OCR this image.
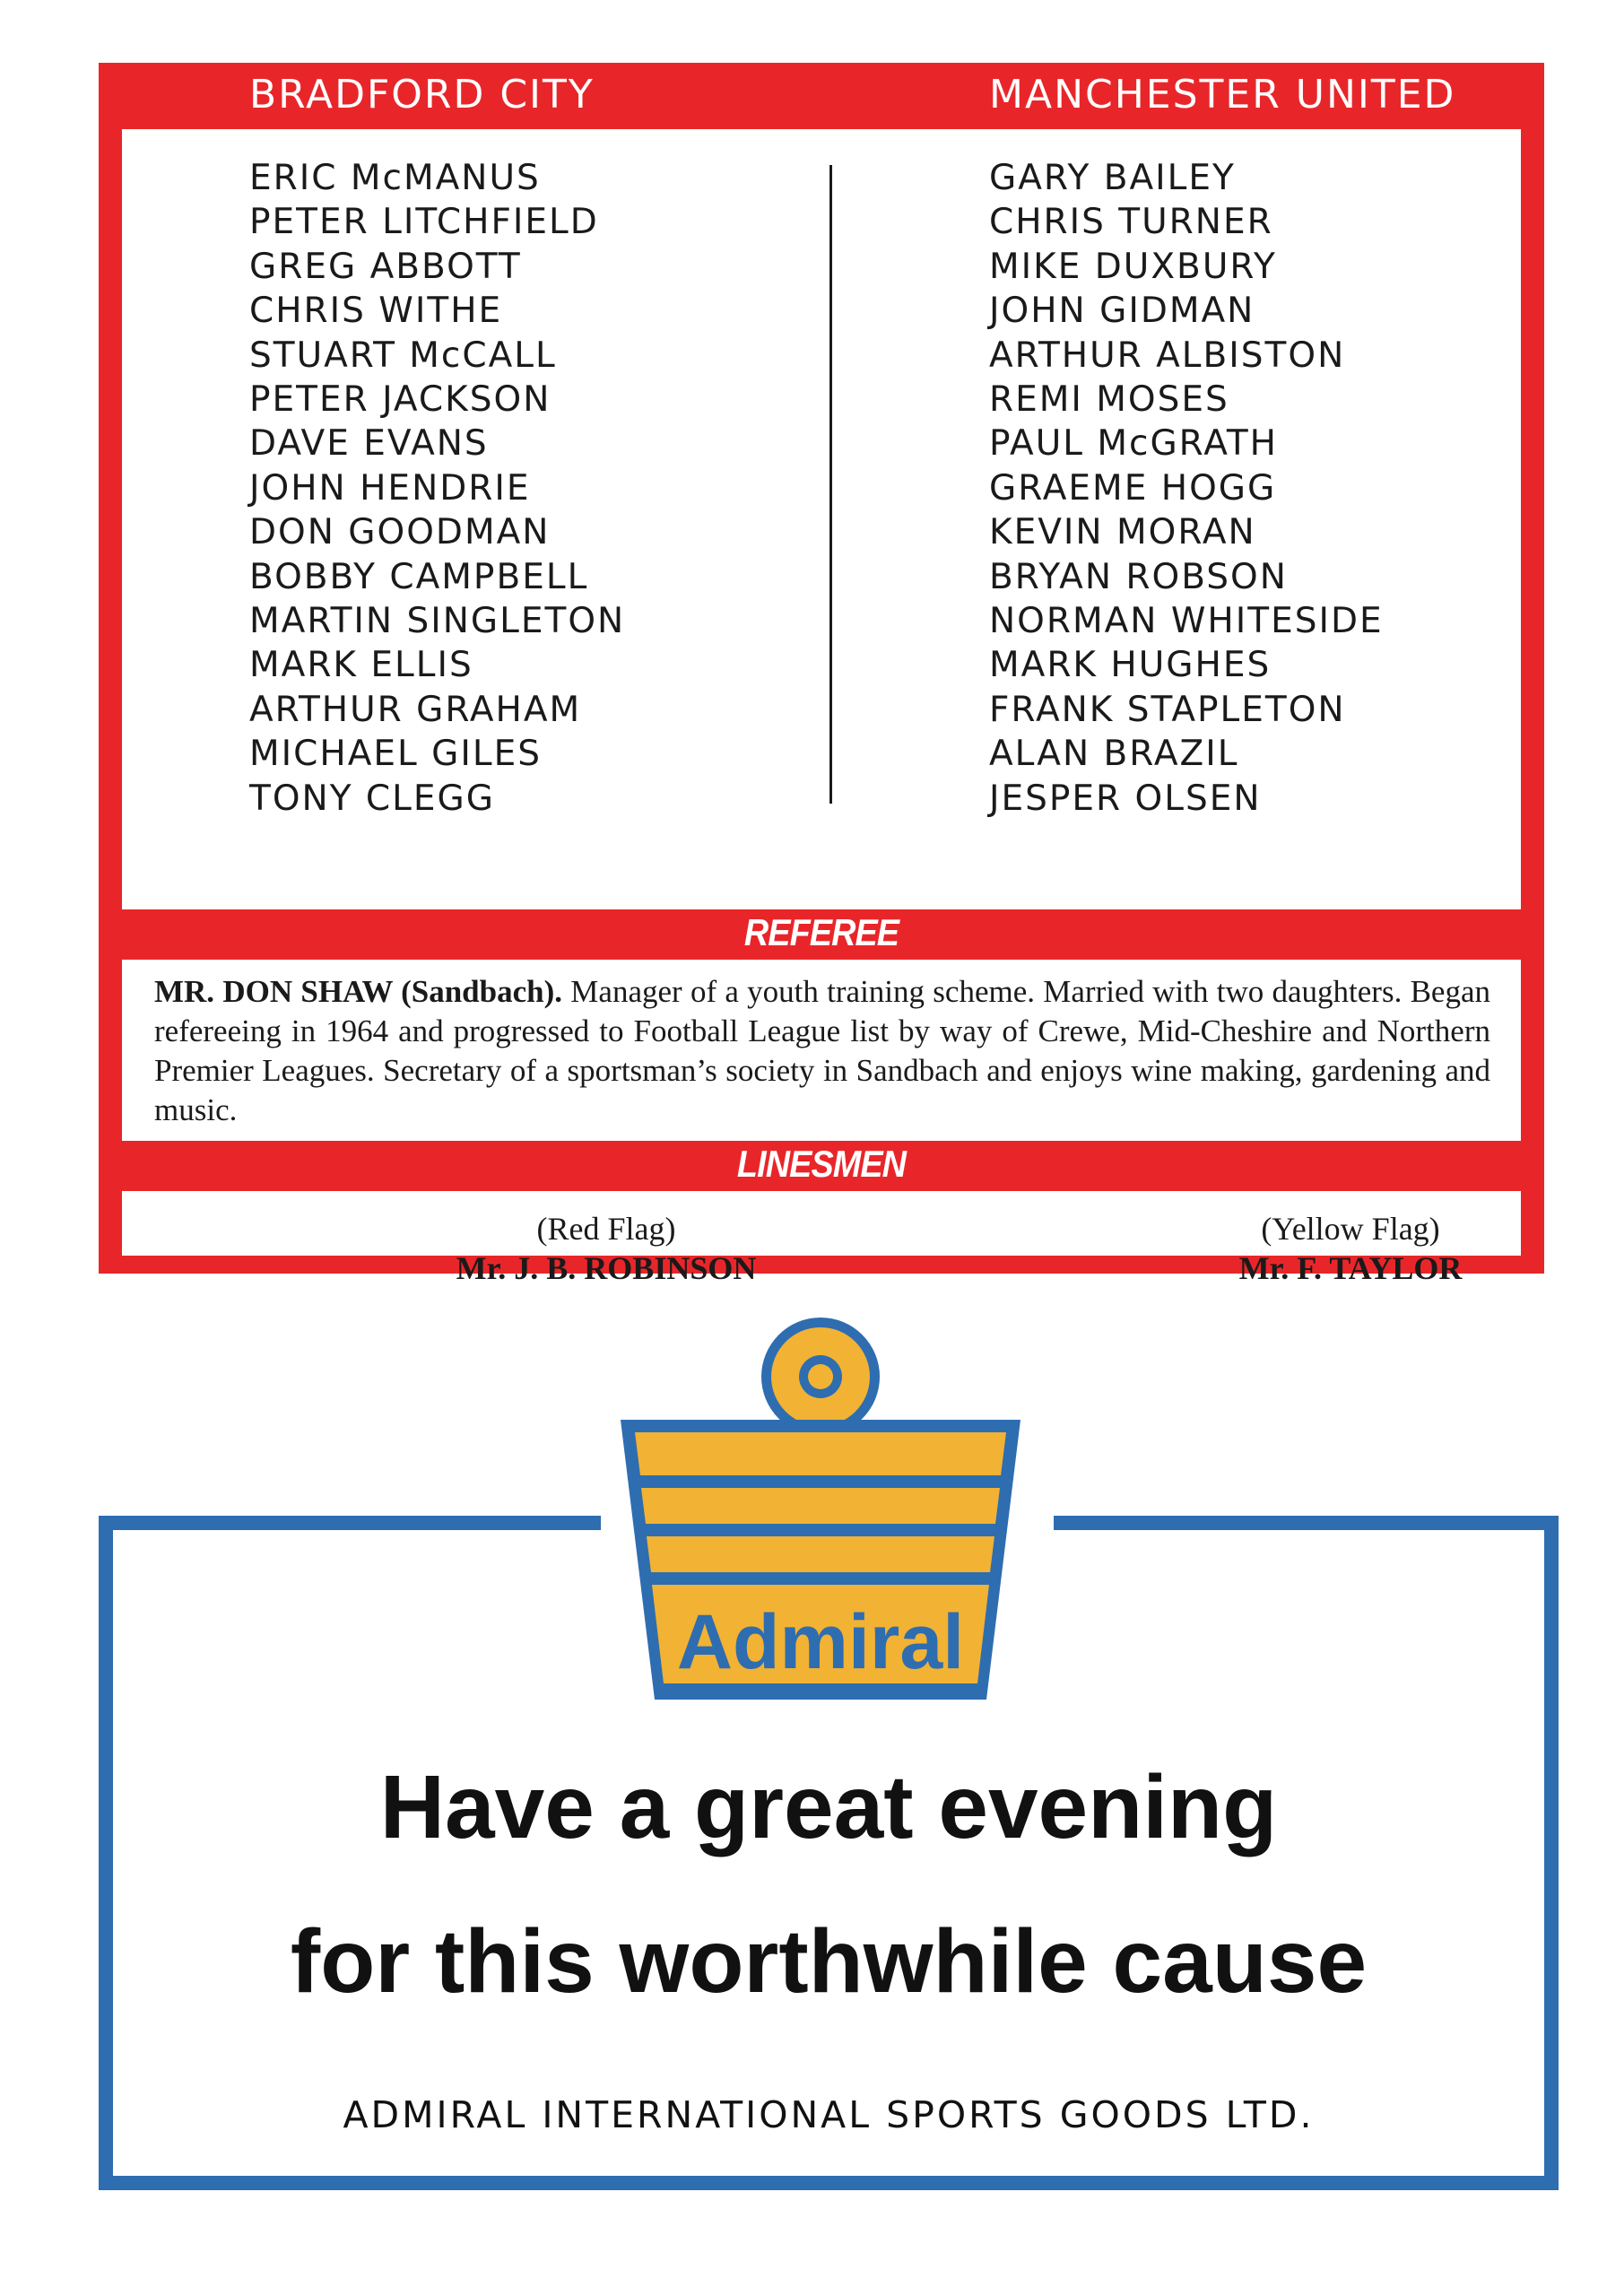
BRADFORD CITY	MANCHESTER UNITED
ERIC McMANUS
PETER LITCHFIELD
GREG ABBOTT
CHRIS WITHE
STUART McCALL
PETER JACKSON
DAVE EVANS
JOHN HENDRIE
DON GOODMAN
BOBBY CAMPBELL
MARTIN SINGLETON
MARK ELLIS
ARTHUR GRAHAM
MICHAEL GILES
TONY CLEGG
GARY BAILEY
CHRIS TURNER
MIKE DUXBURY
JOHN GIDMAN
ARTHUR ALBISTON
REMI MOSES
PAUL McGRATH
GRAEME HOGG
KEVIN MORAN
BRYAN ROBSON
NORMAN WHITESIDE
MARK HUGHES
FRANK STAPLETON
ALAN BRAZIL
JESPER OLSEN
REFEREE

MR. DON SHAW (Sandbach). Manager of a youth training scheme. Married with two daughters. Began refereeing in 1964 and progressed to Football League list by way of Crewe, Mid-Cheshire and Northern Premier Leagues. Secretary of a sportsman’s society in Sandbach and enjoys wine making, gardening and music.

LINESMEN
(Red Flag)
Mr. J. B. ROBINSON
(Yellow Flag)
Mr. F. TAYLOR
Admiral
Have a great evening
for this worthwhile cause
ADMIRAL INTERNATIONAL SPORTS GOODS LTD.
